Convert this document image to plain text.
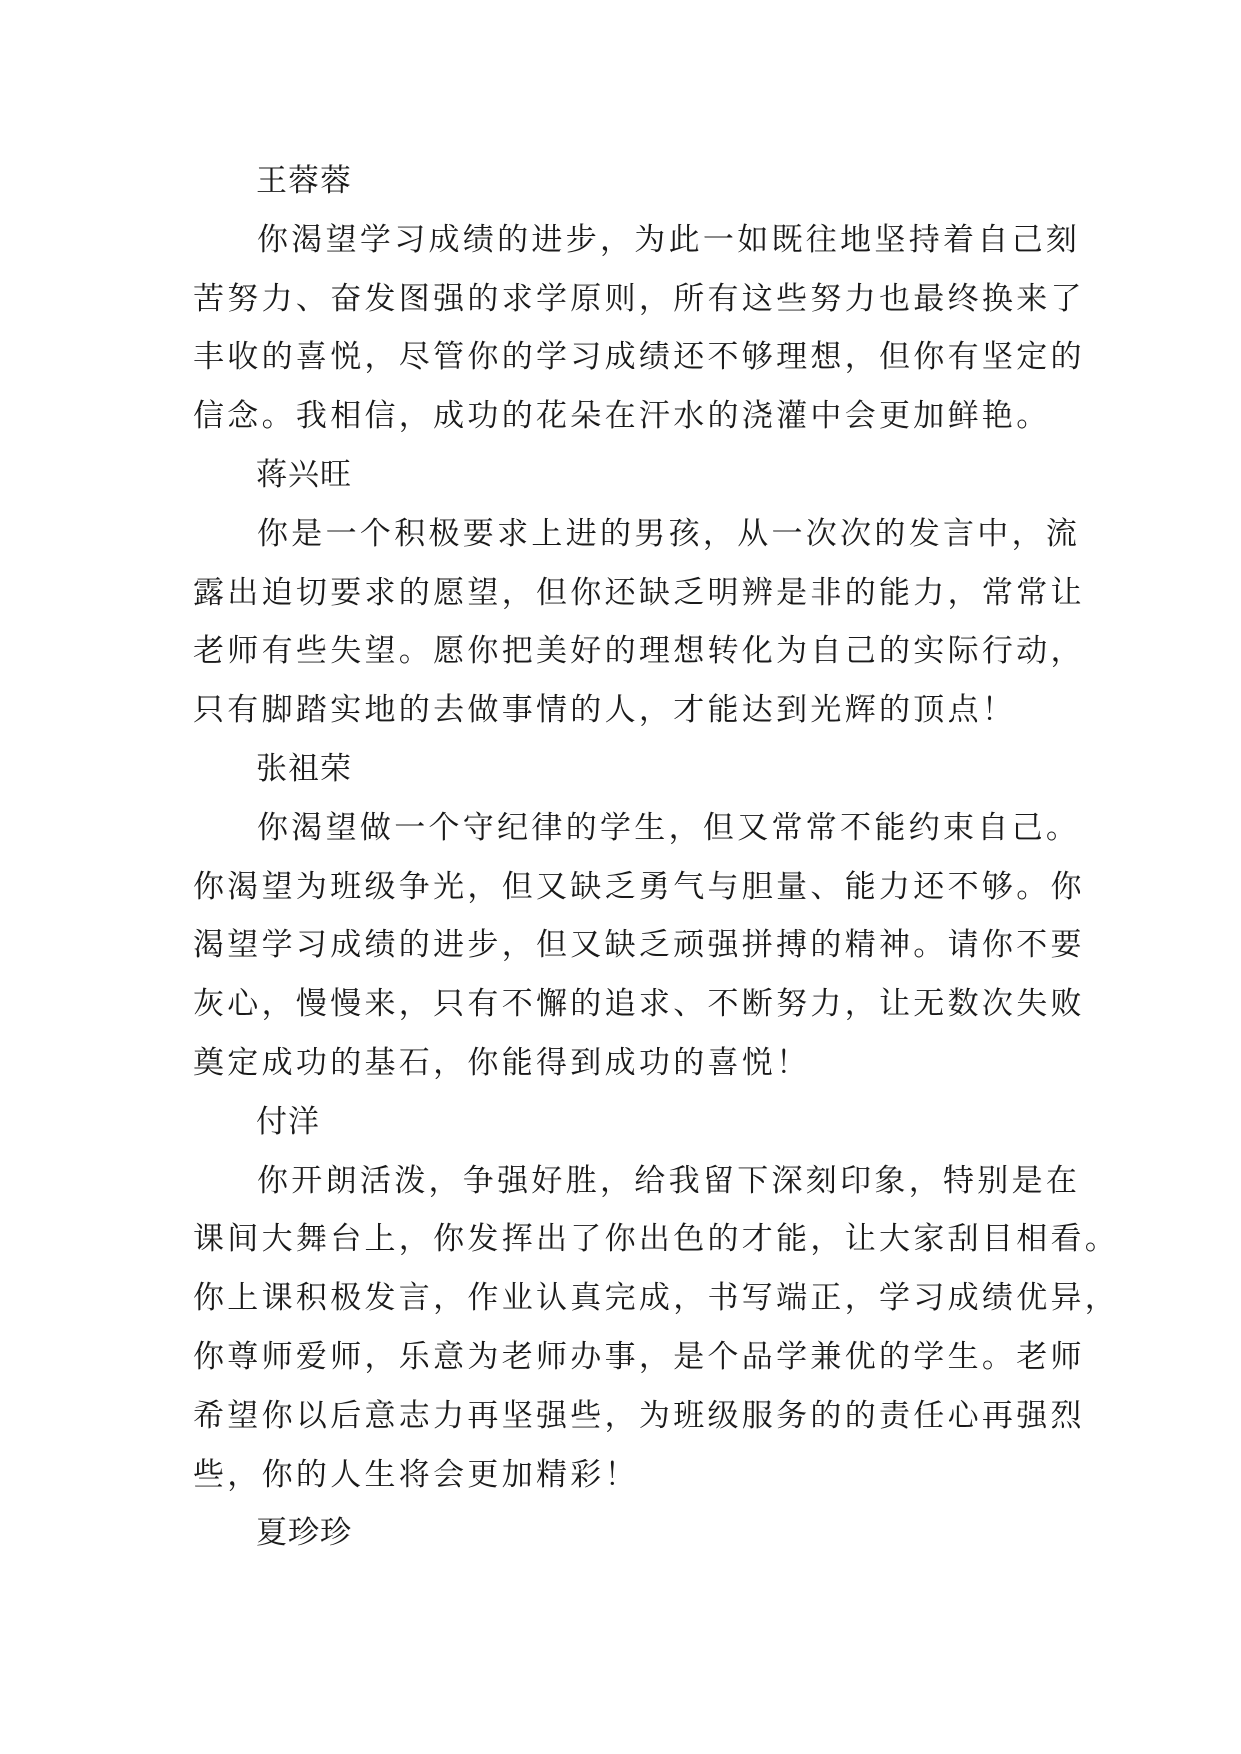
王蓉蓉
你渴望学习成绩的进步，为此一如既往地坚持着自己刻
苦努力、奋发图强的求学原则，所有这些努力也最终换来了
丰收的喜悦，尽管你的学习成绩还不够理想，但你有坚定的
信念。我相信，成功的花朵在汗水的浇灌中会更加鲜艳。
蒋兴旺
你是一个积极要求上进的男孩，从一次次的发言中，流
露出迫切要求的愿望，但你还缺乏明辨是非的能力，常常让
老师有些失望。愿你把美好的理想转化为自己的实际行动，
只有脚踏实地的去做事情的人，才能达到光辉的顶点！
张祖荣
你渴望做一个守纪律的学生，但又常常不能约束自己。
你渴望为班级争光，但又缺乏勇气与胆量、能力还不够。你
渴望学习成绩的进步，但又缺乏顽强拼搏的精神。请你不要
灰心，慢慢来，只有不懈的追求、不断努力，让无数次失败
奠定成功的基石，你能得到成功的喜悦！
付洋
你开朗活泼，争强好胜，给我留下深刻印象，特别是在
课间大舞台上，你发挥出了你出色的才能，让大家刮目相看。
你上课积极发言，作业认真完成，书写端正，学习成绩优异，
你尊师爱师，乐意为老师办事，是个品学兼优的学生。老师
希望你以后意志力再坚强些，为班级服务的的责任心再强烈
些，你的人生将会更加精彩！
夏珍珍
